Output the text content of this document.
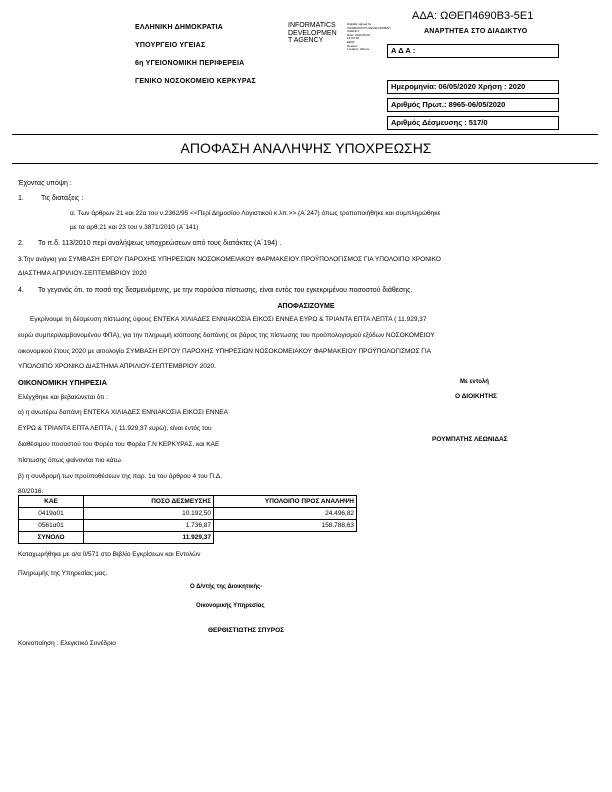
ΑΔΑ: ΩΘΕΠ4690Β3-5Ε1
ΕΛΛΗΝΙΚΗ ΔΗΜΟΚΡΑΤΙΑ
ΥΠΟΥΡΓΕΙΟ ΥΓΕΙΑΣ
6η ΥΓΕΙΟΝΟΜΙΚΗ ΠΕΡΙΦΕΡΕΙΑ
ΓΕΝΙΚΟ ΝΟΣΟΚΟΜΕΙΟ ΚΕΡΚΥΡΑΣ
INFORMATICS
DEVELOPMEN
T AGENCY
Digitally signed by
INFORMATICS DEVELOPMENT
AGENCY
Date: 2020.05.06
13:04:18
EEST
Reason:
Location: Athens
ΑΝΑΡΤΗΤΕΑ ΣΤΟ ΔΙΑΔΙΚΤΥΟ
Α Δ Α :
Ημερομηνία: 06/05/2020 Χρήση : 2020
Αριθμός Πρωτ.: 8965-06/05/2020
Αριθμός Δέσμευσης : 517/0
ΑΠΟΦΑΣΗ ΑΝΑΛΗΨΗΣ ΥΠΟΧΡΕΩΣΗΣ
Έχοντας υπόψη :
1. Τις διατάξεις :
α. Των άρθρων 21 και 22α του ν.2362/95 <<Περί Δημοσίου Λογιστικού κ.λπ.>> (Α΄247) όπως τροποποιήθηκε και συμπληρώθηκε
με τα αρθ.21 και 23 του ν.3871/2010 (Α΄141)
2. Το π.δ. 113/2010 περί αναλήψεως υποχρεώσεων από τους διατάκτες (Α΄194) .
3.Την ανάγκη για ΣΥΜΒΑΣΗ ΕΡΓΟΥ ΠΑΡΟΧΗΣ ΥΠΗΡΕΣΙΩΝ ΝΟΣΟΚΟΜΕΙΑΚΟΥ ΦΑΡΜΑΚΕΙΟΥ ΠΡΟΫΠΟΛΟΓΙΣΜΟΣ ΓΙΑ ΥΠΟΛΟΙΠΟ ΧΡΟΝΙΚΟ
ΔΙΑΣΤΗΜΑ ΑΠΡΙΛΙΟΥ-ΣΕΠΤΕΜΒΡΙΟΥ 2020
4. Το γεγονός ότι, το ποσό της δεσμευόμενης, με την παρούσα πίστωσης, είναι εντός του εγκεκριμένου ποσοστού διάθεσης.
ΑΠΟΦΑΣΙΖΟΥΜΕ
Εγκρίνουμε τη δέσμευση πίστωσης ύψους ΕΝΤΕΚΑ ΧΙΛΙΑΔΕΣ ΕΝΝΙΑΚΟΣΙΑ ΕΙΚΟΣΙ ΕΝΝΕΑ ΕΥΡΩ & ΤΡΙΑΝΤΑ ΕΠΤΑ ΛΕΠΤΑ ( 11.929,37
ευρώ συμπεριλαμβανομένου ΦΠΑ), για την πληρωμή ισόποσης δαπάνης σε βάρος της πίστωσης του προϋπολογισμού εξόδων ΝΟΣΟΚΟΜΕΙΟΥ
οικονομικού έτους 2020 με αιτιολογία ΣΥΜΒΑΣΗ ΕΡΓΟΥ ΠΑΡΟΧΗΣ ΥΠΗΡΕΣΙΩΝ ΝΟΣΟΚΟΜΕΙΑΚΟΥ ΦΑΡΜΑΚΕΙΟΥ ΠΡΟΫΠΟΛΟΓΙΣΜΟΣ ΓΙΑ
ΥΠΟΛΟΙΠΟ ΧΡΟΝΙΚΟ ΔΙΑΣΤΗΜΑ ΑΠΡΙΛΙΟΥ-ΣΕΠΤΕΜΒΡΙΟΥ 2020.
ΟΙΚΟΝΟΜΙΚΗ ΥΠΗΡΕΣΙΑ
Ελέγχθηκε και βεβαιώνεται ότι :
α) η ανωτέρω δαπάνη ΕΝΤΕΚΑ ΧΙΛΙΑΔΕΣ ΕΝΝΙΑΚΟΣΙΑ ΕΙΚΟΣΙ ΕΝΝΕΑ
ΕΥΡΩ & ΤΡΙΑΝΤΑ ΕΠΤΑ ΛΕΠΤΑ, ( 11.929,37 ευρώ), είναι εντός του
διαθέσιμου ποσοστού του Φορέα του Φορέα Γ.Ν ΚΕΡΚΥΡΑΣ, και ΚΑΕ
πίστωσης όπως φαίνονται πιο κάτω.
β) η συνδρομή των προϋποθέσεων της παρ. 1α του άρθρου 4 του Π.Δ.
80/2016.
ΚΑΕ	ΠΟΣΟ ΔΕΣΜΕΥΣΗΣ	ΥΠΟΛΟΙΠΟ ΠΡΟΣ ΑΝΑΛΗΨΗ
0419α01	10.192,50	24.496,82
0561α01	1.736,87	158.788,63
ΣΥΝΟΛΟ	11.929,37	
Καταχωρήθηκε με α/α 0/571 στο Βιβλίο Εγκρίσεων και Εντολών
Πληρωμής της Υπηρεσίας μας.
Με εντολή
Ο ΔΙΟΙΚΗΤΗΣ
ΡΟΥΜΠΑΤΗΣ ΛΕΩΝΙΔΑΣ
Ο Δ/ντής της Διοικητικής-
Οικονομικής Υπηρεσίας
ΘΕΡΘΙΣΤΙΩΤΗΣ ΣΠΥΡΟΣ
Κοινοποίηση : Ελεγκτικό Συνέδριο
